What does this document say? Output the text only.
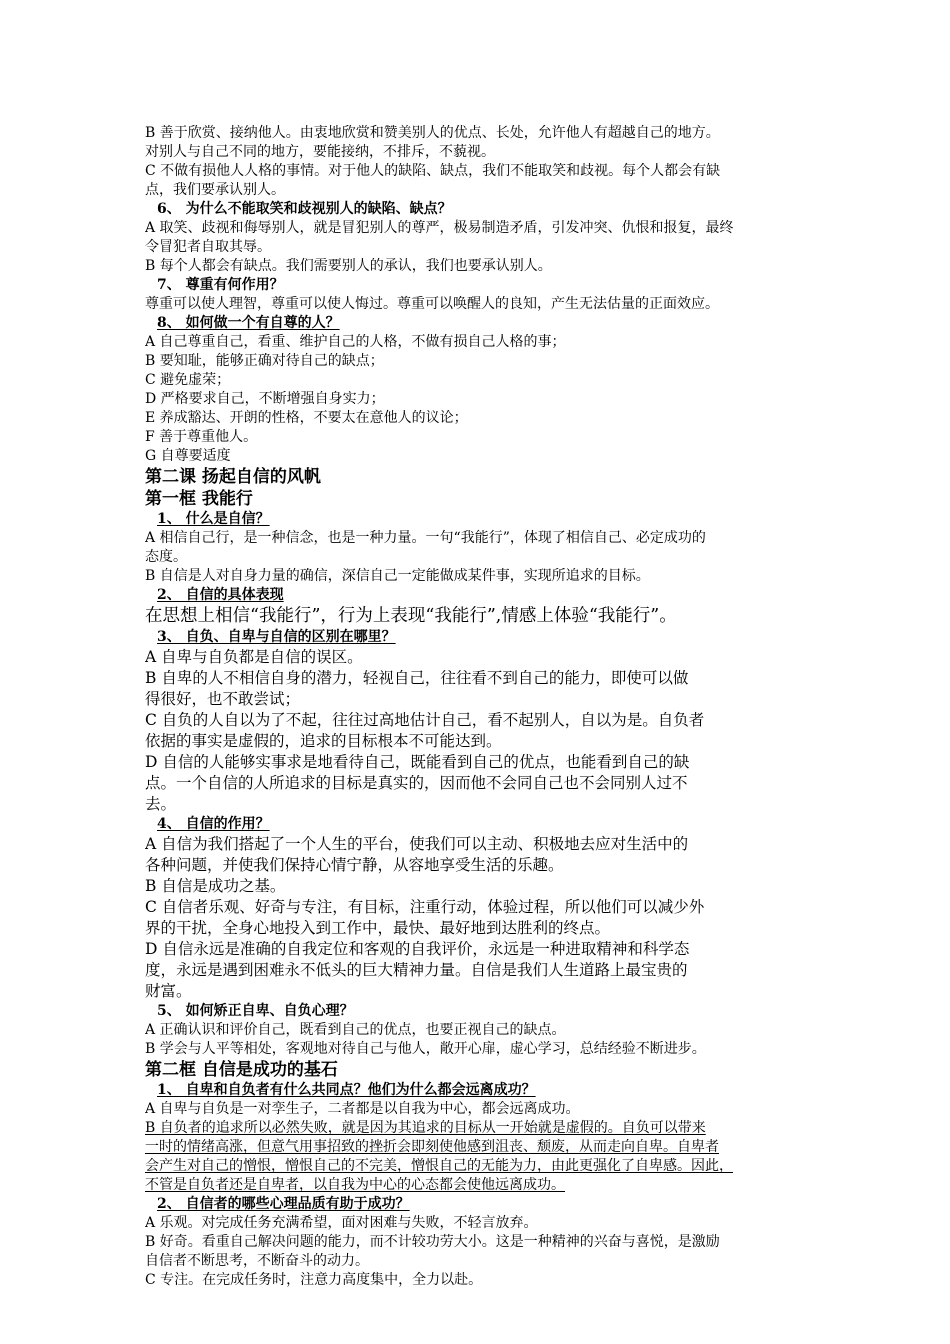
B 善于欣赏、接纳他人。由衷地欣赏和赞美别人的优点、长处，允许他人有超越自己的地方。
对别人与自己不同的地方，要能接纳，不排斥，不藐视。
C 不做有损他人人格的事情。对于他人的缺陷、缺点，我们不能取笑和歧视。每个人都会有缺
点，我们要承认别人。
6、 为什么不能取笑和歧视别人的缺陷、缺点？
A 取笑、歧视和侮辱别人，就是冒犯别人的尊严，极易制造矛盾，引发冲突、仇恨和报复，最终
令冒犯者自取其辱。
B 每个人都会有缺点。我们需要别人的承认，我们也要承认别人。
7、 尊重有何作用？
尊重可以使人理智，尊重可以使人悔过。尊重可以唤醒人的良知，产生无法估量的正面效应。
8、 如何做一个有自尊的人？
A 自己尊重自己，看重、维护自己的人格，不做有损自己人格的事；
B 要知耻，能够正确对待自己的缺点；
C 避免虚荣；
D 严格要求自己，不断增强自身实力；
E 养成豁达、开朗的性格，不要太在意他人的议论；
F 善于尊重他人。
G 自尊要适度
第二课 扬起自信的风帆
第一框 我能行
1、 什么是自信？
A 相信自己行，是一种信念，也是一种力量。一句“我能行”，体现了相信自己、必定成功的
态度。
B 自信是人对自身力量的确信，深信自己一定能做成某件事，实现所追求的目标。
2、 自信的具体表现
在思想上相信“我能行”，行为上表现“我能行”,情感上体验“我能行”。
3、 自负、自卑与自信的区别在哪里？
A 自卑与自负都是自信的误区。
B 自卑的人不相信自身的潜力，轻视自己，往往看不到自己的能力，即使可以做
得很好，也不敢尝试；
C 自负的人自以为了不起，往往过高地估计自己，看不起别人，自以为是。自负者
依据的事实是虚假的，追求的目标根本不可能达到。
D 自信的人能够实事求是地看待自己，既能看到自己的优点，也能看到自己的缺
点。一个自信的人所追求的目标是真实的，因而他不会同自己也不会同别人过不
去。
4、 自信的作用？
A 自信为我们搭起了一个人生的平台，使我们可以主动、积极地去应对生活中的
各种问题，并使我们保持心情宁静，从容地享受生活的乐趣。
B 自信是成功之基。
C 自信者乐观、好奇与专注，有目标，注重行动，体验过程，所以他们可以减少外
界的干扰，全身心地投入到工作中，最快、最好地到达胜利的终点。
D 自信永远是准确的自我定位和客观的自我评价，永远是一种进取精神和科学态
度，永远是遇到困难永不低头的巨大精神力量。自信是我们人生道路上最宝贵的
财富。
5、 如何矫正自卑、自负心理？
A 正确认识和评价自己，既看到自己的优点，也要正视自己的缺点。
B 学会与人平等相处，客观地对待自己与他人，敞开心扉，虚心学习，总结经验不断进步。
第二框 自信是成功的基石
1、 自卑和自负者有什么共同点？他们为什么都会远离成功？
A 自卑与自负是一对孪生子，二者都是以自我为中心，都会远离成功。
B 自负者的追求所以必然失败，就是因为其追求的目标从一开始就是虚假的。自负可以带来
一时的情绪高涨，但意气用事招致的挫折会即刻使他感到沮丧、颓废，从而走向自卑。自卑者
会产生对自己的憎恨，憎恨自己的不完美，憎恨自己的无能为力，由此更强化了自卑感。因此，
不管是自负者还是自卑者，以自我为中心的心态都会使他远离成功。
2、 自信者的哪些心理品质有助于成功？
A 乐观。对完成任务充满希望，面对困难与失败，不轻言放弃。
B 好奇。看重自己解决问题的能力，而不计较功劳大小。这是一种精神的兴奋与喜悦，是激励
自信者不断思考，不断奋斗的动力。
C 专注。在完成任务时，注意力高度集中，全力以赴。
